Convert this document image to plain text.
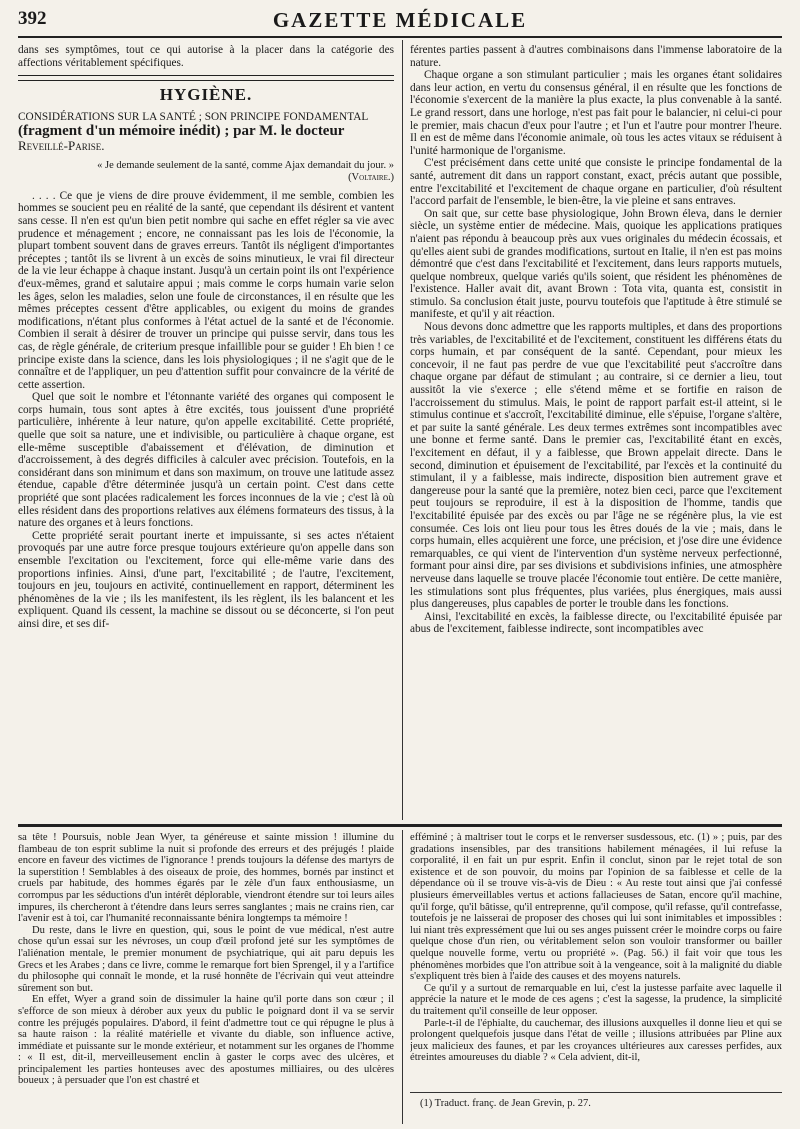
392	GAZETTE MÉDICALE

dans ses symptômes, tout ce qui autorise à la placer dans la catégorie des affections véritablement spécifiques.

HYGIÈNE.
CONSIDÉRATIONS SUR LA SANTÉ ; SON PRINCIPE FONDAMENTAL
(fragment d'un mémoire inédit) ; par M. le docteur
Reveillé-Parise.
« Je demande seulement de la santé, comme Ajax demandait du jour. »
(Voltaire.)

. . . . Ce que je viens de dire prouve évidemment, il me semble, combien les hommes se soucient peu en réalité de la santé, que cependant ils désirent et vantent sans cesse. Il n'en est qu'un bien petit nombre qui sache en effet régler sa vie avec prudence et ménagement ; encore, ne connaissant pas les lois de l'économie, la plupart tombent souvent dans de graves erreurs. Tantôt ils négligent d'importantes préceptes ; tantôt ils se livrent à un excès de soins minutieux, le vrai fil directeur de la vie leur échappe à chaque instant. Jusqu'à un certain point ils ont l'expérience d'eux-mêmes, grand et salutaire appui ; mais comme le corps humain varie selon les âges, selon les maladies, selon une foule de circonstances, il en résulte que les mêmes préceptes cessent d'être applicables, ou exigent du moins de grandes modifications, n'étant plus conformes à l'état actuel de la santé et de l'économie. Combien il serait à désirer de trouver un principe qui puisse servir, dans tous les cas, de règle générale, de criterium presque infaillible pour se guider ! Eh bien ! ce principe existe dans la science, dans les lois physiologiques ; il ne s'agit que de le connaître et de l'appliquer, un peu d'attention suffit pour convaincre de la vérité de cette assertion.

Quel que soit le nombre et l'étonnante variété des organes qui composent le corps humain, tous sont aptes à être excités, tous jouissent d'une propriété particulière, inhérente à leur nature, qu'on appelle excitabilité. Cette propriété, quelle que soit sa nature, une et indivisible, ou particulière à chaque organe, est elle-même susceptible d'abaissement et d'élévation, de diminution et d'accroissement, à des degrés difficiles à calculer avec précision. Toutefois, en la considérant dans son minimum et dans son maximum, on trouve une latitude assez étendue, capable d'être déterminée jusqu'à un certain point. C'est dans cette propriété que sont placées radicalement les forces inconnues de la vie ; c'est là où elles résident dans des proportions relatives aux élémens formateurs des tissus, à la nature des organes et à leurs fonctions.

Cette propriété serait pourtant inerte et impuissante, si ses actes n'étaient provoqués par une autre force presque toujours extérieure qu'on appelle dans son ensemble l'excitation ou l'excitement, force qui elle-même varie dans des proportions infinies. Ainsi, d'une part, l'excitabilité ; de l'autre, l'excitement, toujours en jeu, toujours en activité, continuellement en rapport, déterminent les phénomènes de la vie ; ils les manifestent, ils les règlent, ils les balancent et les expliquent. Quand ils cessent, la machine se dissout ou se déconcerte, si l'on peut ainsi dire, et ses dif-

férentes parties passent à d'autres combinaisons dans l'immense laboratoire de la nature.

Chaque organe a son stimulant particulier ; mais les organes étant solidaires dans leur action, en vertu du consensus général, il en résulte que les fonctions de l'économie s'exercent de la manière la plus exacte, la plus convenable à la santé. Le grand ressort, dans une horloge, n'est pas fait pour le balancier, ni celui-ci pour le premier, mais chacun d'eux pour l'autre ; et l'un et l'autre pour montrer l'heure. Il en est de même dans l'économie animale, où tous les actes vitaux se réduisent à l'unité harmonique de l'organisme.

C'est précisément dans cette unité que consiste le principe fondamental de la santé, autrement dit dans un rapport constant, exact, précis autant que possible, entre l'excitabilité et l'excitement de chaque organe en particulier, d'où résultent l'accord parfait de l'ensemble, le bien-être, la vie pleine et sans entraves.

On sait que, sur cette base physiologique, John Brown éleva, dans le dernier siècle, un système entier de médecine. Mais, quoique les applications pratiques n'aient pas répondu à beaucoup près aux vues originales du médecin écossais, et qu'elles aient subi de grandes modifications, surtout en Italie, il n'en est pas moins démontré que c'est dans l'excitabilité et l'excitement, dans leurs rapports mutuels, quelque nombreux, quelque variés qu'ils soient, que résident les phénomènes de l'existence. Haller avait dit, avant Brown : Tota vita, quanta est, consistit in stimulo. Sa conclusion était juste, pourvu toutefois que l'aptitude à être stimulé se manifeste, et qu'il y ait réaction.

Nous devons donc admettre que les rapports multiples, et dans des proportions très variables, de l'excitabilité et de l'excitement, constituent les différens états du corps humain, et par conséquent de la santé. Cependant, pour mieux les concevoir, il ne faut pas perdre de vue que l'excitabilité peut s'accroître dans chaque organe par défaut de stimulant ; au contraire, si ce dernier a lieu, tout aussitôt la vie s'exerce ; elle s'étend même et se fortifie en raison de l'accroissement du stimulus. Mais, le point de rapport parfait est-il atteint, si le stimulus continue et s'accroît, l'excitabilité diminue, elle s'épuise, l'organe s'altère, et par suite la santé générale. Les deux termes extrêmes sont incompatibles avec une bonne et ferme santé. Dans le premier cas, l'excitabilité étant en excès, l'excitement en défaut, il y a faiblesse, que Brown appelait directe. Dans le second, diminution et épuisement de l'excitabilité, par l'excès et la continuité du stimulant, il y a faiblesse, mais indirecte, disposition bien autrement grave et dangereuse pour la santé que la première, notez bien ceci, parce que l'excitement peut toujours se reproduire, il est à la disposition de l'homme, tandis que l'excitabilité épuisée par des excès ou par l'âge ne se régénère plus, la vie est consumée. Ces lois ont lieu pour tous les êtres doués de la vie ; mais, dans le corps humain, elles acquièrent une force, une précision, et j'ose dire une évidence remarquables, ce qui vient de l'intervention d'un système nerveux perfectionné, formant pour ainsi dire, par ses divisions et subdivisions infinies, une atmosphère nerveuse dans laquelle se trouve placée l'économie tout entière. De cette manière, les stimulations sont plus fréquentes, plus variées, plus énergiques, mais aussi plus dangereuses, plus capables de porter le trouble dans les fonctions.

Ainsi, l'excitabilité en excès, la faiblesse directe, ou l'excitabilité épuisée par abus de l'excitement, faiblesse indirecte, sont incompatibles avec

sa tête ! Poursuis, noble Jean Wyer, ta généreuse et sainte mission ! illumine du flambeau de ton esprit sublime la nuit si profonde des erreurs et des préjugés ! plaide encore en faveur des victimes de l'ignorance ! prends toujours la défense des martyrs de la superstition ! Semblables à des oiseaux de proie, des hommes, bornés par instinct et cruels par habitude, des hommes égarés par le zèle d'un faux enthousiasme, un corrompus par les séductions d'un intérêt déplorable, viendront étendre sur toi leurs ailes impures, ils chercheront à t'étendre dans leurs serres sanglantes ; mais ne crains rien, car l'avenir est à toi, car l'humanité reconnaissante bénira longtemps ta mémoire !

Du reste, dans le livre en question, qui, sous le point de vue médical, n'est autre chose qu'un essai sur les névroses, un coup d'œil profond jeté sur les symptômes de l'aliénation mentale, le premier monument de psychiatrique, qui ait paru depuis les Grecs et les Arabes ; dans ce livre, comme le remarque fort bien Sprengel, il y a l'artifice du philosophe qui connaît le monde, et la rusé honnête de l'écrivain qui veut atteindre sûrement son but.

En effet, Wyer a grand soin de dissimuler la haine qu'il porte dans son cœur ; il s'efforce de son mieux à dérober aux yeux du public le poignard dont il va se servir contre les préjugés populaires. D'abord, il feint d'admettre tout ce qui répugne le plus à sa haute raison : la réalité matérielle et vivante du diable, son influence active, immédiate et puissante sur le monde extérieur, et notamment sur les organes de l'homme : « Il est, dit-il, merveilleusement enclin à gaster le corps avec des ulcères, et principalement les parties honteuses avec des apostumes milliaires, ou des ulcères boueux ; à persuader que l'on est chastré et

efféminé ; à maltriser tout le corps et le renverser susdessous, etc. (1) » ; puis, par des gradations insensibles, par des transitions habilement ménagées, il lui refuse la corporalité, il en fait un pur esprit. Enfin il conclut, sinon par le rejet total de son existence et de son pouvoir, du moins par l'opinion de sa faiblesse et celle de la dépendance où il se trouve vis-à-vis de Dieu : « Au reste tout ainsi que j'ai confessé plusieurs émerveillables vertus et actions fallacieuses de Satan, encore qu'il machine, qu'il forge, qu'il bâtisse, qu'il entreprenne, qu'il compose, qu'il refasse, qu'il contrefasse, toutefois je ne laisserai de proposer des choses qui lui sont inimitables et impossibles : lui niant très expressément que lui ou ses anges puissent créer le moindre corps ou faire quelque chose d'un rien, ou véritablement selon son vouloir transformer ou bailler quelque nouvelle forme, vertu ou propriété ». (Pag. 56.) il fait voir que tous les phénomènes morbides que l'on attribue soit à la vengeance, soit à la malignité du diable s'expliquent très bien à l'aide des causes et des moyens naturels.

Ce qu'il y a surtout de remarquable en lui, c'est la justesse parfaite avec laquelle il apprécie la nature et le mode de ces agens ; c'est la sagesse, la prudence, la simplicité du traitement qu'il conseille de leur opposer.

Parle-t-il de l'éphialte, du cauchemar, des illusions auxquelles il donne lieu et qui se prolongent quelquefois jusque dans l'état de veille ; illusions attribuées par Pline aux jeux malicieux des faunes, et par les croyances ultérieures aux caresses perfides, aux étreintes amoureuses du diable ? « Cela advient, dit-il,

(1) Traduct. franç. de Jean Grevin, p. 27.
